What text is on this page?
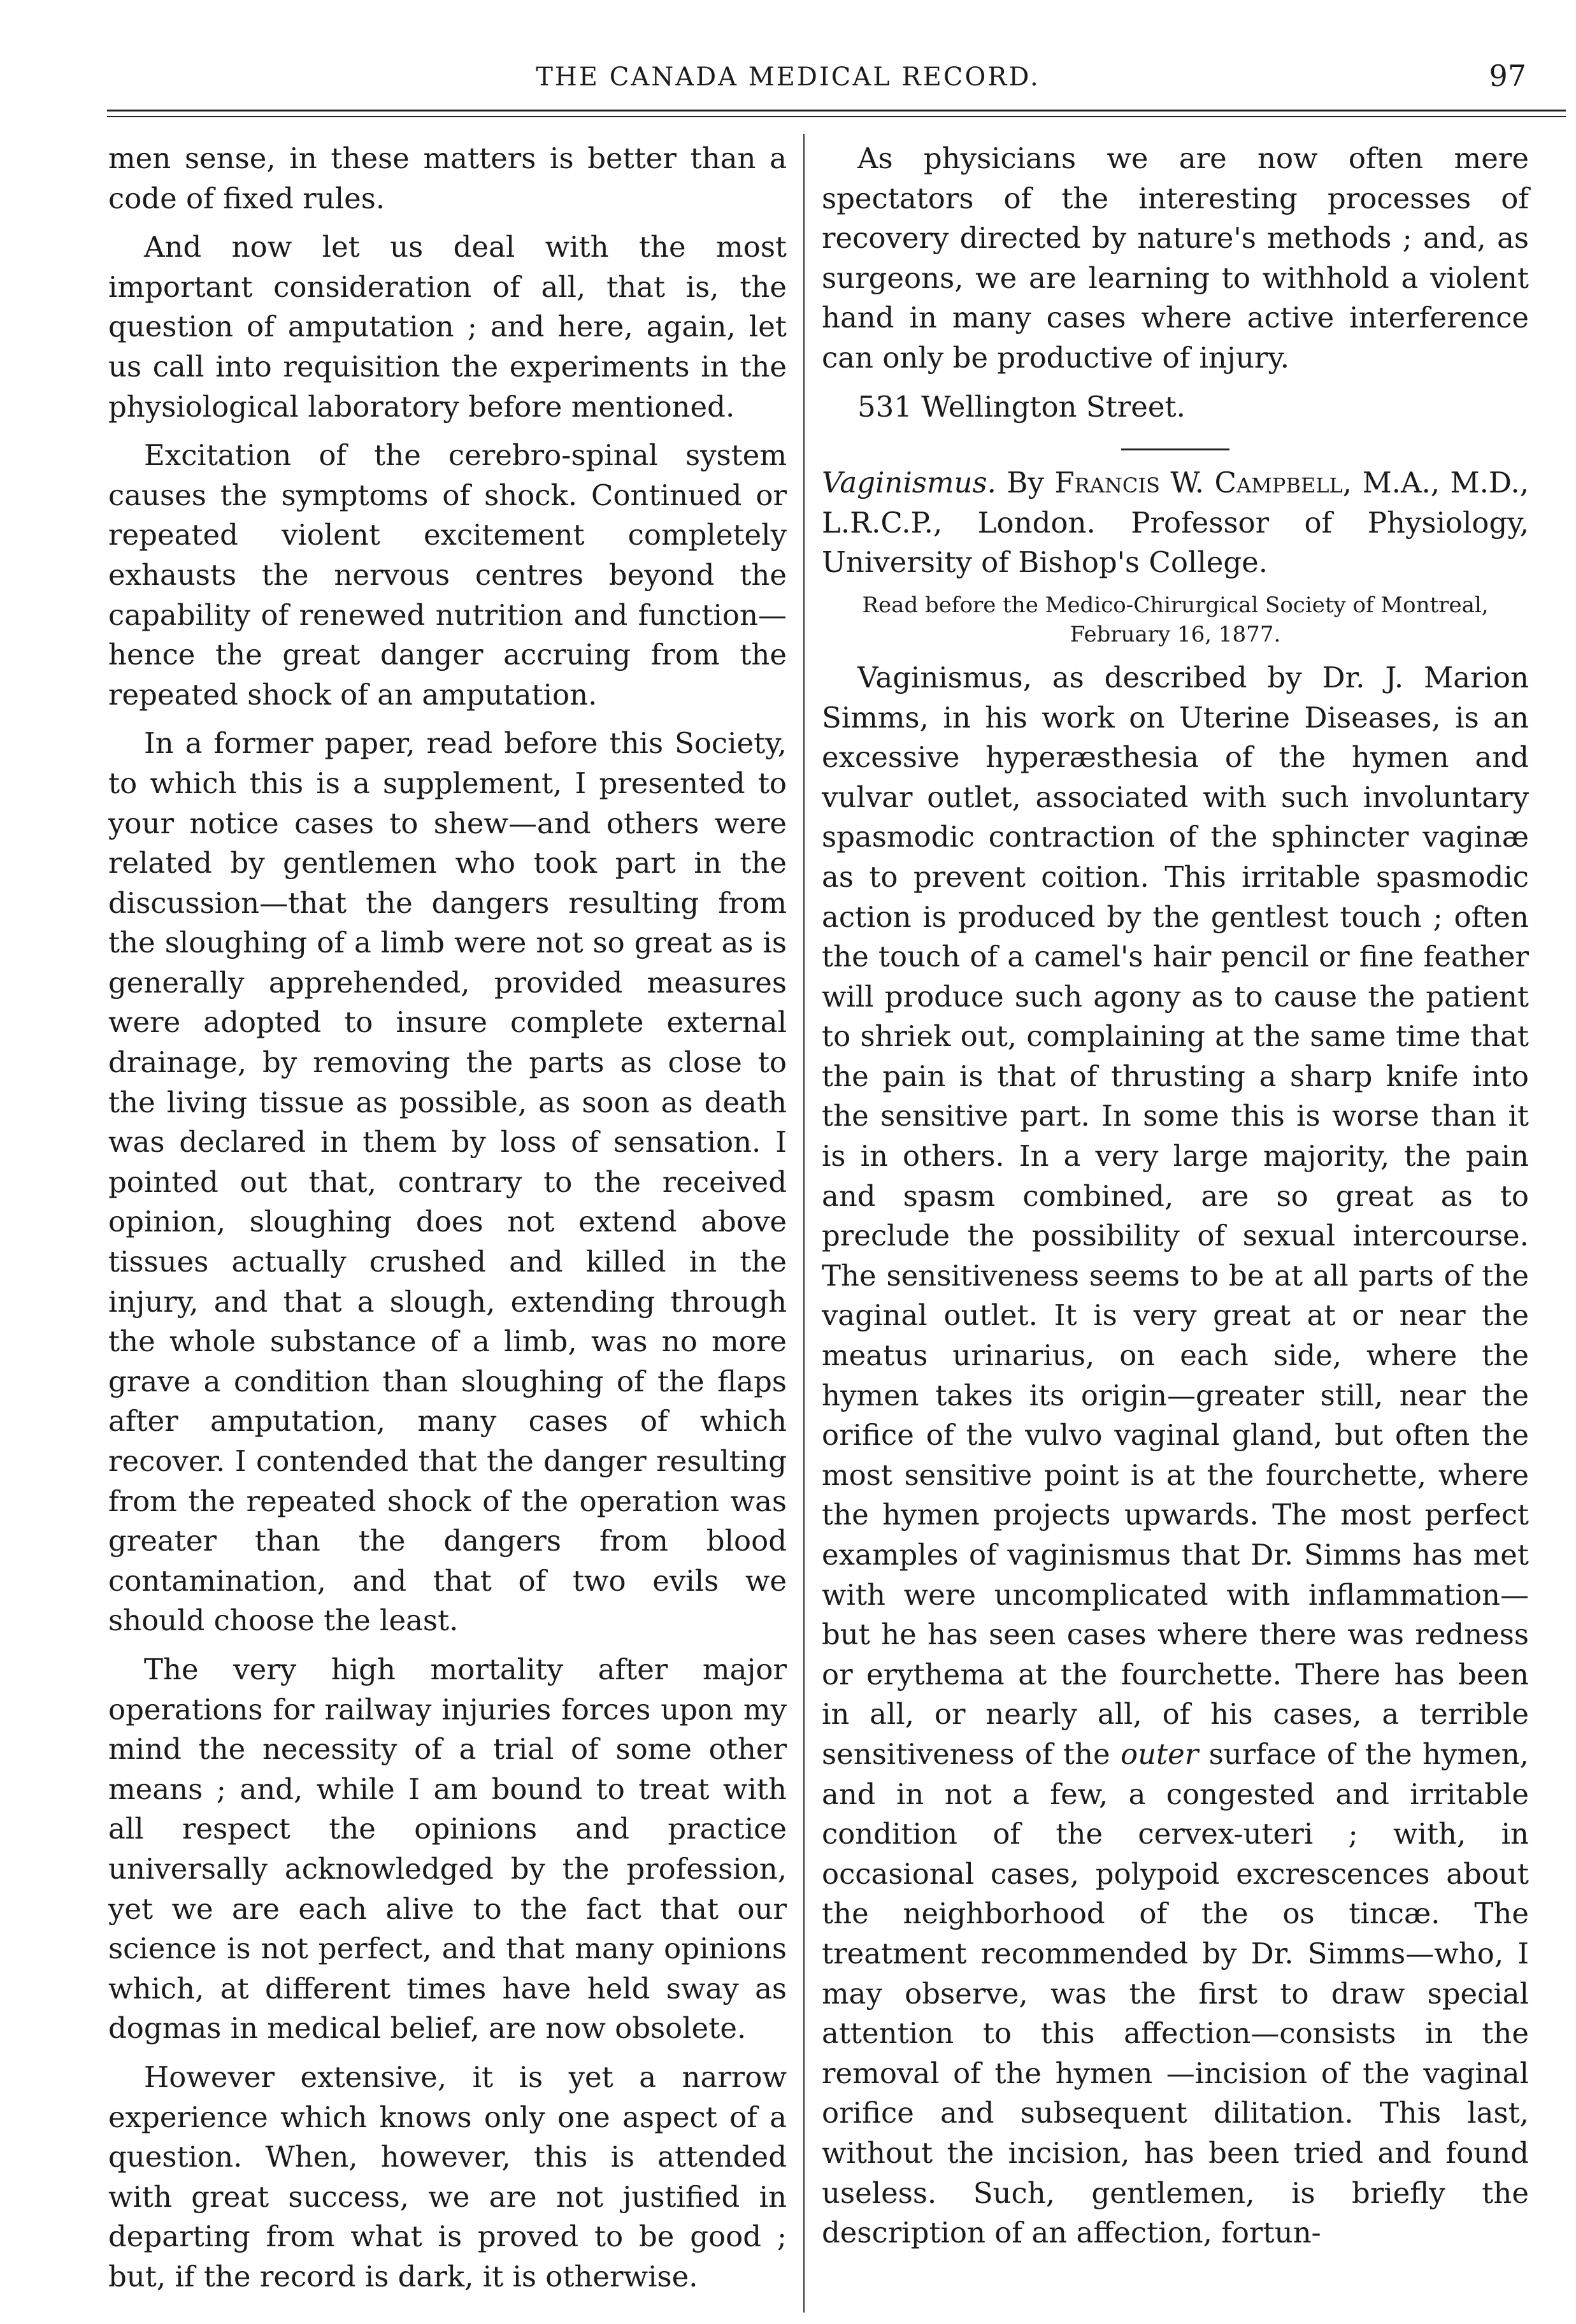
THE CANADA MEDICAL RECORD.	97

men sense, in these matters is better than a code of fixed rules.

And now let us deal with the most important consideration of all, that is, the question of amputation ; and here, again, let us call into requisition the experiments in the physiological laboratory before mentioned.

Excitation of the cerebro-spinal system causes the symptoms of shock. Continued or repeated violent excitement completely exhausts the nervous centres beyond the capability of renewed nutrition and function—hence the great danger accruing from the repeated shock of an amputation.

In a former paper, read before this Society, to which this is a supplement, I presented to your notice cases to shew—and others were related by gentlemen who took part in the discussion—that the dangers resulting from the sloughing of a limb were not so great as is generally apprehended, provided measures were adopted to insure complete external drainage, by removing the parts as close to the living tissue as possible, as soon as death was declared in them by loss of sensation. I pointed out that, contrary to the received opinion, sloughing does not extend above tissues actually crushed and killed in the injury, and that a slough, extending through the whole substance of a limb, was no more grave a condition than sloughing of the flaps after amputation, many cases of which recover. I contended that the danger resulting from the repeated shock of the operation was greater than the dangers from blood contamination, and that of two evils we should choose the least.

The very high mortality after major operations for railway injuries forces upon my mind the necessity of a trial of some other means ; and, while I am bound to treat with all respect the opinions and practice universally acknowledged by the profession, yet we are each alive to the fact that our science is not perfect, and that many opinions which, at different times have held sway as dogmas in medical belief, are now obsolete.

However extensive, it is yet a narrow experience which knows only one aspect of a question. When, however, this is attended with great success, we are not justified in departing from what is proved to be good ; but, if the record is dark, it is otherwise.

As physicians we are now often mere spectators of the interesting processes of recovery directed by nature's methods ; and, as surgeons, we are learning to withhold a violent hand in many cases where active interference can only be productive of injury.

531 Wellington Street.

Vaginismus. By Francis W. Campbell, M.A., M.D., L.R.C.P., London. Professor of Physiology, University of Bishop's College.

Read before the Medico-Chirurgical Society of Montreal,
February 16, 1877.

Vaginismus, as described by Dr. J. Marion Simms, in his work on Uterine Diseases, is an excessive hyperæsthesia of the hymen and vulvar outlet, associated with such involuntary spasmodic contraction of the sphincter vaginæ as to prevent coition. This irritable spasmodic action is produced by the gentlest touch ; often the touch of a camel's hair pencil or fine feather will produce such agony as to cause the patient to shriek out, complaining at the same time that the pain is that of thrusting a sharp knife into the sensitive part. In some this is worse than it is in others. In a very large majority, the pain and spasm combined, are so great as to preclude the possibility of sexual intercourse. The sensitiveness seems to be at all parts of the vaginal outlet. It is very great at or near the meatus urinarius, on each side, where the hymen takes its origin—greater still, near the orifice of the vulvo vaginal gland, but often the most sensitive point is at the fourchette, where the hymen projects upwards. The most perfect examples of vaginismus that Dr. Simms has met with were uncomplicated with inflammation—but he has seen cases where there was redness or erythema at the fourchette. There has been in all, or nearly all, of his cases, a terrible sensitiveness of the outer surface of the hymen, and in not a few, a congested and irritable condition of the cervex-uteri ; with, in occasional cases, polypoid excrescences about the neighborhood of the os tincæ. The treatment recommended by Dr. Simms—who, I may observe, was the first to draw special attention to this affection—consists in the removal of the hymen —incision of the vaginal orifice and subsequent dilitation. This last, without the incision, has been tried and found useless. Such, gentlemen, is briefly the description of an affection, fortun-
